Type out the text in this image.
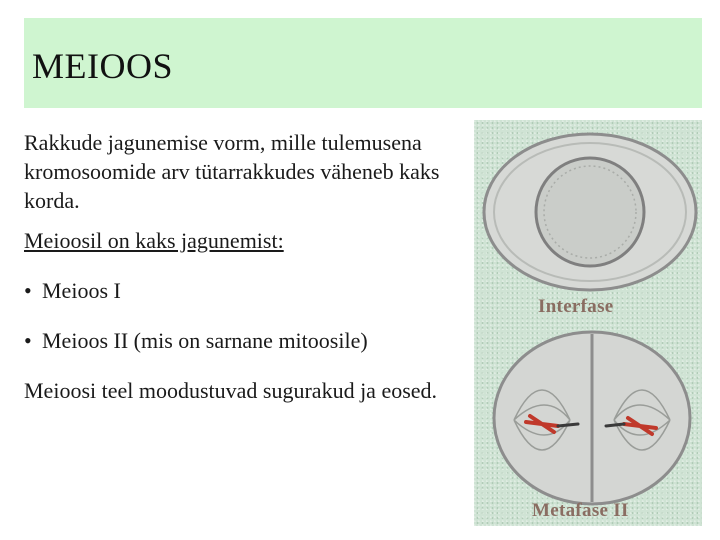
MEIOOS

Rakkude jagunemise vorm, mille tulemusena kromosoomide arv tütarrakkudes väheneb kaks korda.

Meioosil on kaks jagunemist:

• Meioos I

• Meioos II (mis on sarnane mitoosile)

Meioosi teel moodustuvad sugurakud ja eosed.

Interfase
Metafase II
